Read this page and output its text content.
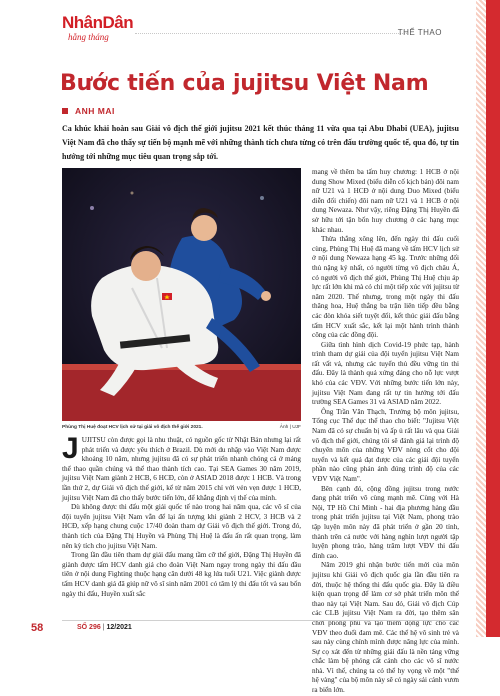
NhânDân
hằng tháng	THỂ THAO
Bước tiến của jujitsu Việt Nam
ANH MAI
Ca khúc khải hoàn sau Giải vô địch thế giới jujitsu 2021 kết thúc tháng 11 vừa qua tại Abu Dhabi (UEA), jujitsu Việt Nam đã cho thấy sự tiến bộ mạnh mẽ với những thành tích chưa từng có trên đấu trường quốc tế, qua đó, tự tin hướng tới những mục tiêu quan trọng sắp tới.
Phùng Thị Huệ đoạt HCV lịch sử tại giải vô địch thế giới 2021.	Ảnh | UJF

JUJITSU còn được gọi là nhu thuật, có nguồn gốc từ Nhật Bản nhưng lại rất phát triển và được yêu thích ở Brazil. Dù mới du nhập vào Việt Nam được khoảng 10 năm, nhưng jujitsu đã có sự phát triển nhanh chóng cả ở mảng thể thao quần chúng và thể thao thành tích cao. Tại SEA Games 30 năm 2019, jujitsu Việt Nam giành 2 HCB, 6 HCĐ, còn ở ASIAD 2018 được 1 HCB. Và trong lần thứ 2, dự Giải vô địch thế giới, kể từ năm 2015 chỉ với vẻn vẹn được 1 HCĐ, jujitsu Việt Nam đã cho thấy bước tiến lớn, để khẳng định vị thế của mình.

Dù không được thi đấu một giải quốc tế nào trong hai năm qua, các võ sĩ của đội tuyển jujitsu Việt Nam vẫn để lại ấn tượng khi giành 2 HCV, 3 HCB và 2 HCĐ, xếp hạng chung cuộc 17/40 đoàn tham dự Giải vô địch thế giới. Trong đó, thành tích của Đặng Thị Huyền và Phùng Thị Huệ là đấu ấn rất quan trọng, làm nên kỳ tích cho jujitsu Việt Nam.

Trong lần đầu tiên tham dự giải đấu mang tầm cỡ thế giới, Đặng Thị Huyền đã giành được tấm HCV danh giá cho đoàn Việt Nam ngay trong ngày thi đấu đầu tiên ở nội dung Fighting thuộc hạng cân dưới 48 kg lứa tuổi U21. Việc giành được tấm HCV danh giá đã giúp nữ võ sĩ sinh năm 2001 có tâm lý thi đấu tốt và sau bốn ngày thi đấu, Huyền xuất sắc

mang về thêm ba tấm huy chương: 1 HCB ở nội dung Show Mixed (biểu diễn cố kịch bản) đôi nam nữ U21 và 1 HCĐ ở nội dung Duo Mixed (biểu diễn đối chiến) đôi nam nữ U21 và 1 HCB ở nội dung Newaza. Như vậy, riêng Đặng Thị Huyền đã sở hữu tới tận bốn huy chương ở các hạng mục khác nhau.

Thừa thắng xông lên, đến ngày thi đấu cuối cùng, Phùng Thị Huệ đã mang về tấm HCV lịch sử ở nội dung Newaza hạng 45 kg. Trước những đối thủ nặng ký nhất, có người từng vô địch châu Á, có người vô địch thế giới, Phùng Thị Huệ chịu áp lực rất lớn khi mà có chỉ một tiếp xúc với jujitsu từ năm 2020. Thế nhưng, trong một ngày thi đấu thăng hoa, Huệ thắng ba trận liên tiếp đều bằng các đòn khóa siết tuyệt đối, kết thúc giải đấu bằng tấm HCV xuất sắc, kết lại một hành trình thành công của các đồng đội.

Giữa tình hình dịch Covid-19 phức tạp, hành trình tham dự giải của đội tuyển jujitsu Việt Nam rất vất vả, nhưng các tuyển thủ đều vững tin thi đấu. Đây là thành quả xứng đáng cho nỗ lực vượt khó của các VĐV. Với những bước tiến lớn này, jujitsu Việt Nam đang rất tự tin hướng tới đấu trường SEA Games 31 và ASIAD năm 2022.

Ông Trần Văn Thạch, Trưởng bộ môn jujitsu, Tổng cục Thể dục thể thao cho biết: "Jujitsu Việt Nam đã có sự chuẩn bị và ấp ủ rất lâu và qua Giải vô địch thế giới, chúng tôi sẽ đánh giá lại trình độ chuyên môn của những VĐV nòng cốt cho đội tuyển và kết quả đạt được của các giải đội tuyển phần nào cũng phản ánh đúng trình độ của các VĐV Việt Nam".

Bên cạnh đó, cộng đồng jujitsu trong nước đang phát triển vô cùng mạnh mẽ. Cùng với Hà Nội, TP Hồ Chí Minh - hai địa phương hàng đầu trong phát triển jujitsu tại Việt Nam, phong trào tập luyện môn này đã phát triển ở gần 20 tỉnh, thành trên cả nước với hàng nghìn lượt người tập luyện phong trào, hàng trăm lượt VĐV thi đấu đỉnh cao.

Năm 2019 ghi nhận bước tiến mới của môn jujitsu khi Giải vô địch quốc gia lần đầu tiên ra đời, thuộc hệ thống thi đấu quốc gia. Đây là điều kiện quan trọng để làm cơ sở phát triển môn thể thao này tại Việt Nam. Sau đó, Giải vô địch Cúp các CLB jujitsu Việt Nam ra đời, tạo thêm sân chơi phong phú và tạo thêm động lực cho các VĐV theo đuổi đam mê. Các thể hệ võ sinh trẻ và sau này cùng chính mình được nâng lực của mình. Sự cọ xát đến từ những giải đấu là nền tảng vững chắc làm bệ phóng cất cánh cho các võ sĩ nước nhà. Vì thế, chúng ta có thể hy vọng về một "thế hệ vàng" của bộ môn này sẽ có ngày sải cánh vươn ra biển lớn.

58	SỐ 296 | 12/2021
